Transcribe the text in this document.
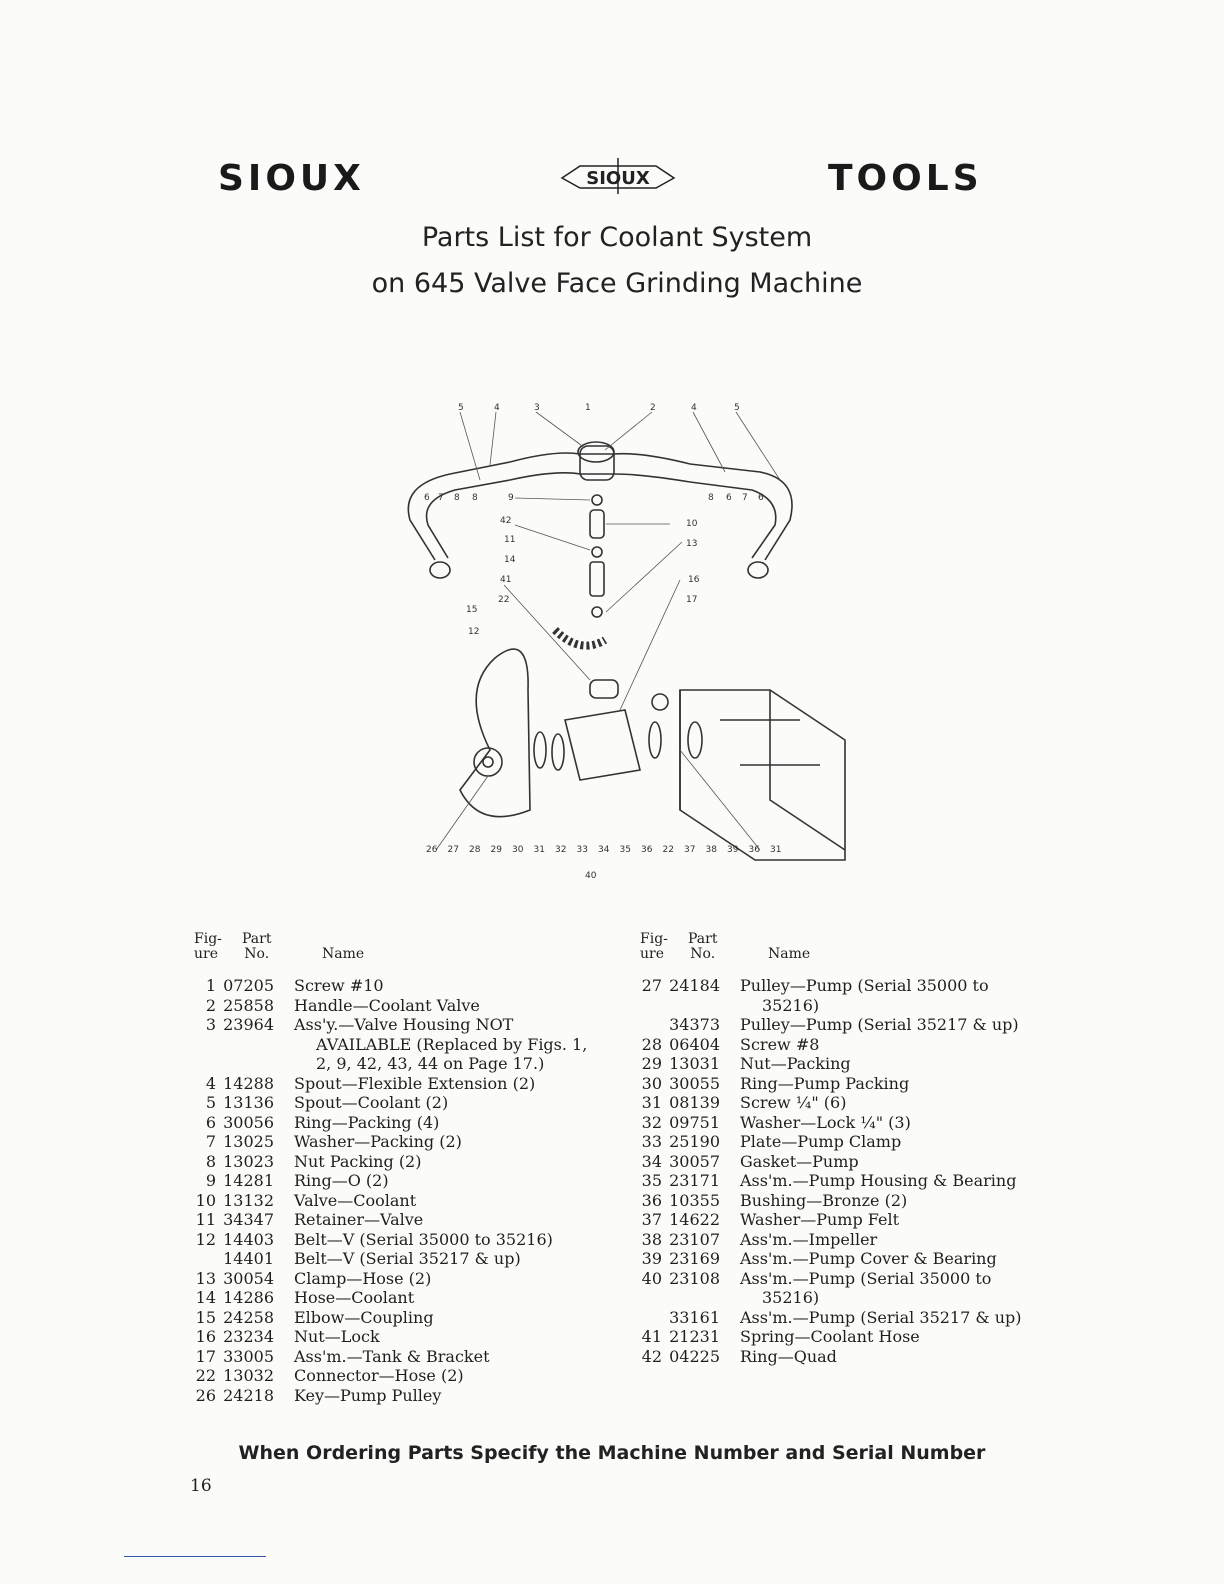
SIOUX	SIOUX	TOOLS
Parts List for Coolant System
on 645 Valve Face Grinding Machine
5	4	3	1	2	4	5
6 7 8 8	9
42
11
14
41
22
15
12
10
13
8 6 7 6
16
17
26 27 28 29 30 31 32 33 34 35 36 22 37 38 39 36 31
40
Fig-
ure
Part
No.	Name
1 07205	Screw #10
2 25858	Handle—Coolant Valve
3 23964	Ass'y.—Valve Housing NOT AVAILABLE (Replaced by Figs. 1, 2, 9, 42, 43, 44 on Page 17.)
4 14288	Spout—Flexible Extension (2)
5 13136	Spout—Coolant (2)
6 30056	Ring—Packing (4)
7 13025	Washer—Packing (2)
8 13023	Nut Packing (2)
9 14281	Ring—O (2)
10 13132	Valve—Coolant
11 34347	Retainer—Valve
12 14403	Belt—V (Serial 35000 to 35216)
14401	Belt—V (Serial 35217 & up)
13 30054	Clamp—Hose (2)
14 14286	Hose—Coolant
15 24258	Elbow—Coupling
16 23234	Nut—Lock
17 33005	Ass'm.—Tank & Bracket
22 13032	Connector—Hose (2)
26 24218	Key—Pump Pulley
Fig-
ure
Part
No.	Name
27 24184	Pulley—Pump (Serial 35000 to 35216)
34373	Pulley—Pump (Serial 35217 & up)
28 06404	Screw #8
29 13031	Nut—Packing
30 30055	Ring—Pump Packing
31 08139	Screw ¼" (6)
32 09751	Washer—Lock ¼" (3)
33 25190	Plate—Pump Clamp
34 30057	Gasket—Pump
35 23171	Ass'm.—Pump Housing & Bearing
36 10355	Bushing—Bronze (2)
37 14622	Washer—Pump Felt
38 23107	Ass'm.—Impeller
39 23169	Ass'm.—Pump Cover & Bearing
40 23108	Ass'm.—Pump (Serial 35000 to 35216)
33161	Ass'm.—Pump (Serial 35217 & up)
41 21231	Spring—Coolant Hose
42 04225	Ring—Quad
When Ordering Parts Specify the Machine Number and Serial Number
16
